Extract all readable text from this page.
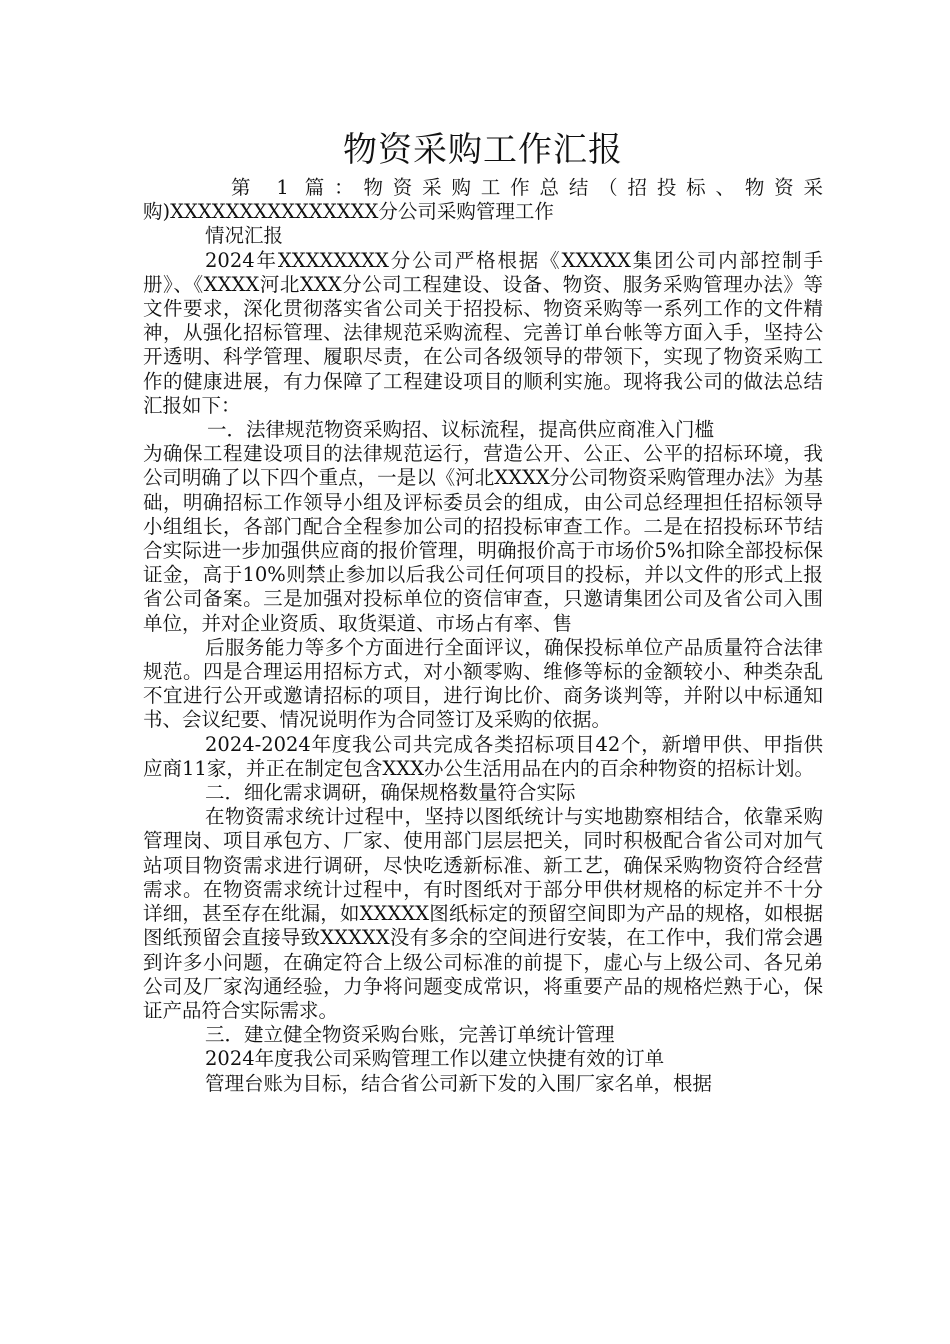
物资采购工作汇报

第 1 篇：物资采购工作总结（招投标、物资采购)XXXXXXXXXXXXXXX分公司采购管理工作

情况汇报

2024年XXXXXXXX分公司严格根据《XXXXX集团公司内部控制手册》、《XXXX河北XXX分公司工程建设、设备、物资、服务采购管理办法》等文件要求，深化贯彻落实省公司关于招投标、物资采购等一系列工作的文件精神，从强化招标管理、法律规范采购流程、完善订单台帐等方面入手，坚持公开透明、科学管理、履职尽责，在公司各级领导的带领下，实现了物资采购工作的健康进展，有力保障了工程建设项目的顺利实施。现将我公司的做法总结汇报如下：

一．法律规范物资采购招、议标流程，提高供应商准入门槛

为确保工程建设项目的法律规范运行，营造公开、公正、公平的招标环境，我公司明确了以下四个重点，一是以《河北XXXX分公司物资采购管理办法》为基础，明确招标工作领导小组及评标委员会的组成，由公司总经理担任招标领导小组组长，各部门配合全程参加公司的招投标审查工作。二是在招投标环节结合实际进一步加强供应商的报价管理，明确报价高于市场价5%扣除全部投标保证金，高于10%则禁止参加以后我公司任何项目的投标，并以文件的形式上报省公司备案。三是加强对投标单位的资信审查，只邀请集团公司及省公司入围单位，并对企业资质、取货渠道、市场占有率、售

后服务能力等多个方面进行全面评议，确保投标单位产品质量符合法律规范。四是合理运用招标方式，对小额零购、维修等标的金额较小、种类杂乱不宜进行公开或邀请招标的项目，进行询比价、商务谈判等，并附以中标通知书、会议纪要、情况说明作为合同签订及采购的依据。

2024-2024年度我公司共完成各类招标项目42个，新增甲供、甲指供应商11家，并正在制定包含XXX办公生活用品在内的百余种物资的招标计划。

二．细化需求调研，确保规格数量符合实际

在物资需求统计过程中，坚持以图纸统计与实地勘察相结合，依靠采购管理岗、项目承包方、厂家、使用部门层层把关，同时积极配合省公司对加气站项目物资需求进行调研，尽快吃透新标准、新工艺，确保采购物资符合经营需求。在物资需求统计过程中，有时图纸对于部分甲供材规格的标定并不十分详细，甚至存在纰漏，如XXXXX图纸标定的预留空间即为产品的规格，如根据图纸预留会直接导致XXXXX没有多余的空间进行安装，在工作中，我们常会遇到许多小问题，在确定符合上级公司标准的前提下，虚心与上级公司、各兄弟公司及厂家沟通经验，力争将问题变成常识，将重要产品的规格烂熟于心，保证产品符合实际需求。

三．建立健全物资采购台账，完善订单统计管理

2024年度我公司采购管理工作以建立快捷有效的订单

管理台账为目标，结合省公司新下发的入围厂家名单，根据
